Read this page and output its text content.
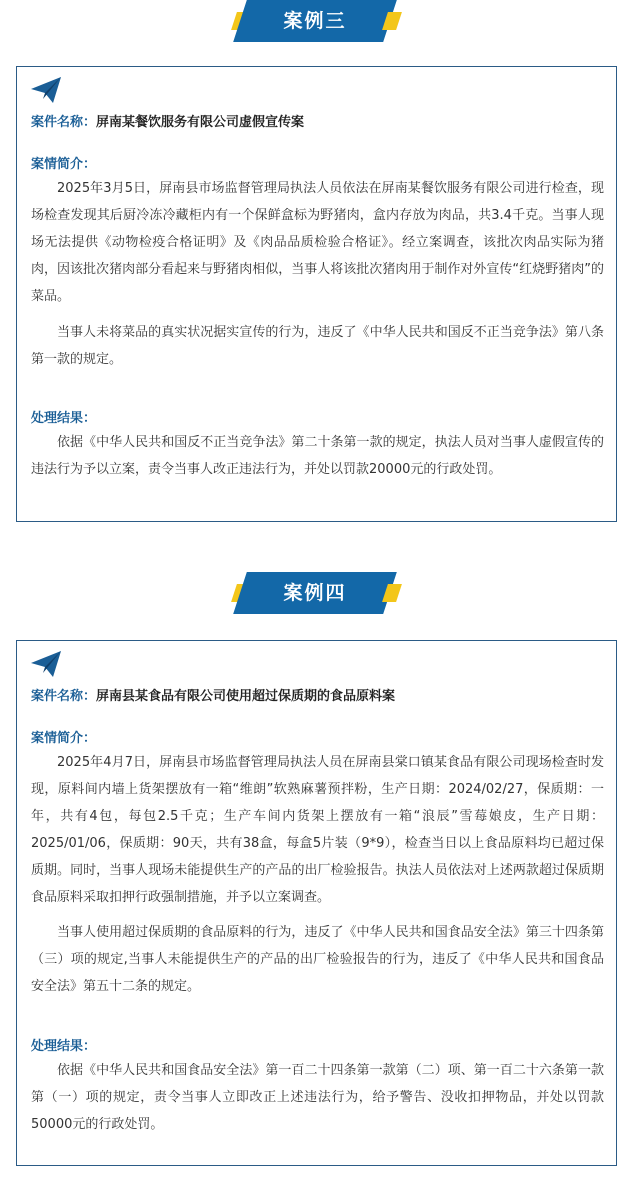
案例三
案件名称：屏南某餐饮服务有限公司虚假宣传案
案情简介：

2025年3月5日，屏南县市场监督管理局执法人员依法在屏南某餐饮服务有限公司进行检查，现场检查发现其后厨冷冻冷藏柜内有一个保鲜盒标为野猪肉，盒内存放为肉品，共3.4千克。当事人现场无法提供《动物检疫合格证明》及《肉品品质检验合格证》。经立案调查，该批次肉品实际为猪肉，因该批次猪肉部分看起来与野猪肉相似，当事人将该批次猪肉用于制作对外宣传“红烧野猪肉”的菜品。

当事人未将菜品的真实状况据实宣传的行为，违反了《中华人民共和国反不正当竞争法》第八条第一款的规定。

处理结果：

依据《中华人民共和国反不正当竞争法》第二十条第一款的规定，执法人员对当事人虚假宣传的违法行为予以立案，责令当事人改正违法行为，并处以罚款20000元的行政处罚。

案例四
案件名称：屏南县某食品有限公司使用超过保质期的食品原料案
案情简介：

2025年4月7日，屏南县市场监督管理局执法人员在屏南县棠口镇某食品有限公司现场检查时发现，原料间内墙上货架摆放有一箱“维朗”软熟麻薯预拌粉，生产日期：2024/02/27，保质期：一年，共有4包，每包2.5千克；生产车间内货架上摆放有一箱“浪辰”雪莓娘皮，生产日期：2025/01/06，保质期：90天，共有38盒，每盒5片装（9*9），检查当日以上食品原料均已超过保质期。同时，当事人现场未能提供生产的产品的出厂检验报告。执法人员依法对上述两款超过保质期食品原料采取扣押行政强制措施，并予以立案调查。

当事人使用超过保质期的食品原料的行为，违反了《中华人民共和国食品安全法》第三十四条第（三）项的规定,当事人未能提供生产的产品的出厂检验报告的行为，违反了《中华人民共和国食品安全法》第五十二条的规定。

处理结果：

依据《中华人民共和国食品安全法》第一百二十四条第一款第（二）项、第一百二十六条第一款第（一）项的规定，责令当事人立即改正上述违法行为，给予警告、没收扣押物品，并处以罚款50000元的行政处罚。
